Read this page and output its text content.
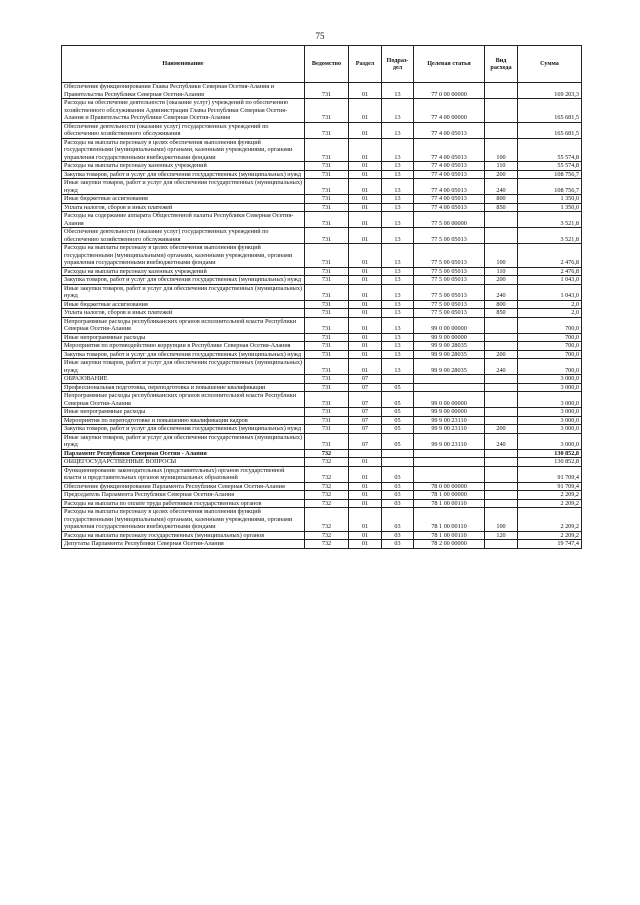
75
Наименование	Ведомство	Раздел	Подраз-дел	Целевая статья	Вид расхода	Сумма
Обеспечение функционирования Главы Республики Северная Осетия-Алания и Правительства Республики Северная Осетия-Алания	731	01	13	77 0 00 00000		169 203,3
Расходы на обеспечение деятельности (оказание услуг) учреждений по обеспечению хозяйственного обслуживания Администрации Главы Республики Северная Осетия-Алания и Правительства Республики Северная Осетия-Алания	731	01	13	77 4 00 00000		165 681,5
Обеспечение деятельности (оказание услуг) государственных учреждений по обеспечению хозяйственного обслуживания	731	01	13	77 4 00 05013		165 681,5
Расходы на выплаты персоналу в целях обеспечения выполнения функций государственными (муниципальными) органами, казенными учреждениями, органами управления государственными внебюджетными фондами	731	01	13	77 4 00 05013	100	55 574,8
Расходы на выплаты персоналу казенных учреждений	731	01	13	77 4 00 05013	110	55 574,8
Закупка товаров, работ и услуг для обеспечения государственных (муниципальных) нужд	731	01	13	77 4 00 05013	200	108 756,7
Иные закупки товаров, работ и услуг для обеспечения государственных (муниципальных) нужд	731	01	13	77 4 00 05013	240	108 756,7
Иные бюджетные ассигнования	731	01	13	77 4 00 05013	800	1 350,0
Уплата налогов, сборов и иных платежей	731	01	13	77 4 00 05013	850	1 350,0
Расходы на содержание аппарата Общественной палаты Республики Северная Осетия-Алания	731	01	13	77 5 00 00000		3 521,8
Обеспечение деятельности (оказание услуг) государственных учреждений по обеспечению хозяйственного обслуживания	731	01	13	77 5 00 05013		3 521,8
Расходы на выплаты персоналу в целях обеспечения выполнения функций государственными (муниципальными) органами, казенными учреждениями, органами управления государственными внебюджетными фондами	731	01	13	77 5 00 05013	100	2 476,8
Расходы на выплаты персоналу казенных учреждений	731	01	13	77 5 00 05013	110	2 476,8
Закупка товаров, работ и услуг для обеспечения государственных (муниципальных) нужд	731	01	13	77 5 00 05013	200	1 043,0
Иные закупки товаров, работ и услуг для обеспечения государственных (муниципальных) нужд	731	01	13	77 5 00 05013	240	1 043,0
Иные бюджетные ассигнования	731	01	13	77 5 00 05013	800	2,0
Уплата налогов, сборов и иных платежей	731	01	13	77 5 00 05013	850	2,0
Непрограммные расходы республиканских органов исполнительной власти Республики Северная Осетия-Алания	731	01	13	99 0 00 00000		700,0
Иные непрограммные расходы	731	01	13	99 9 00 00000		700,0
Мероприятия по противодействию коррупции в Республике Северная Осетия-Алания	731	01	13	99 9 00 28035		700,0
Закупка товаров, работ и услуг для обеспечения государственных (муниципальных) нужд	731	01	13	99 9 00 28035	200	700,0
Иные закупки товаров, работ и услуг для обеспечения государственных (муниципальных) нужд	731	01	13	99 9 00 28035	240	700,0
ОБРАЗОВАНИЕ	731	07				3 000,0
Профессиональная подготовка, переподготовка и повышение квалификации	731	07	05			3 000,0
Непрограммные расходы республиканских органов исполнительной власти Республики Северная Осетия-Алания	731	07	05	99 0 00 00000		3 000,0
Иные непрограммные расходы	731	07	05	99 9 00 00000		3 000,0
Мероприятия по переподготовке и повышению квалификации кадров	731	07	05	99 9 00 23110		3 000,0
Закупка товаров, работ и услуг для обеспечения государственных (муниципальных) нужд	731	07	05	99 9 00 23110	200	3 000,0
Иные закупки товаров, работ и услуг для обеспечения государственных (муниципальных) нужд	731	07	05	99 9 00 23110	240	3 000,0
Парламент Республики Северная Осетия - Алания	732					130 852,8
ОБЩЕГОСУДАРСТВЕННЫЕ ВОПРОСЫ	732	01				130 852,8
Функционирование законодательных (представительных) органов государственной власти и представительных органов муниципальных образований	732	01	03			91 709,4
Обеспечение функционирования Парламента Республики Северная Осетия-Алания	732	01	03	78 0 00 00000		91 709,4
Председатель Парламента Республики Северная Осетия-Алания	732	01	03	78 1 00 00000		2 209,2
Расходы на выплаты по оплате труда работников государственных органов	732	01	03	78 1 00 00110		2 209,2
Расходы на выплаты персоналу в целях обеспечения выполнения функций государственными (муниципальными) органами, казенными учреждениями, органами управления государственными внебюджетными фондами	732	01	03	78 1 00 00110	100	2 209,2
Расходы на выплаты персоналу государственных (муниципальных) органов	732	01	03	78 1 00 00110	120	2 209,2
Депутаты Парламента Республики Северная Осетия-Алания	732	01	03	78 2 00 00000		19 747,4
